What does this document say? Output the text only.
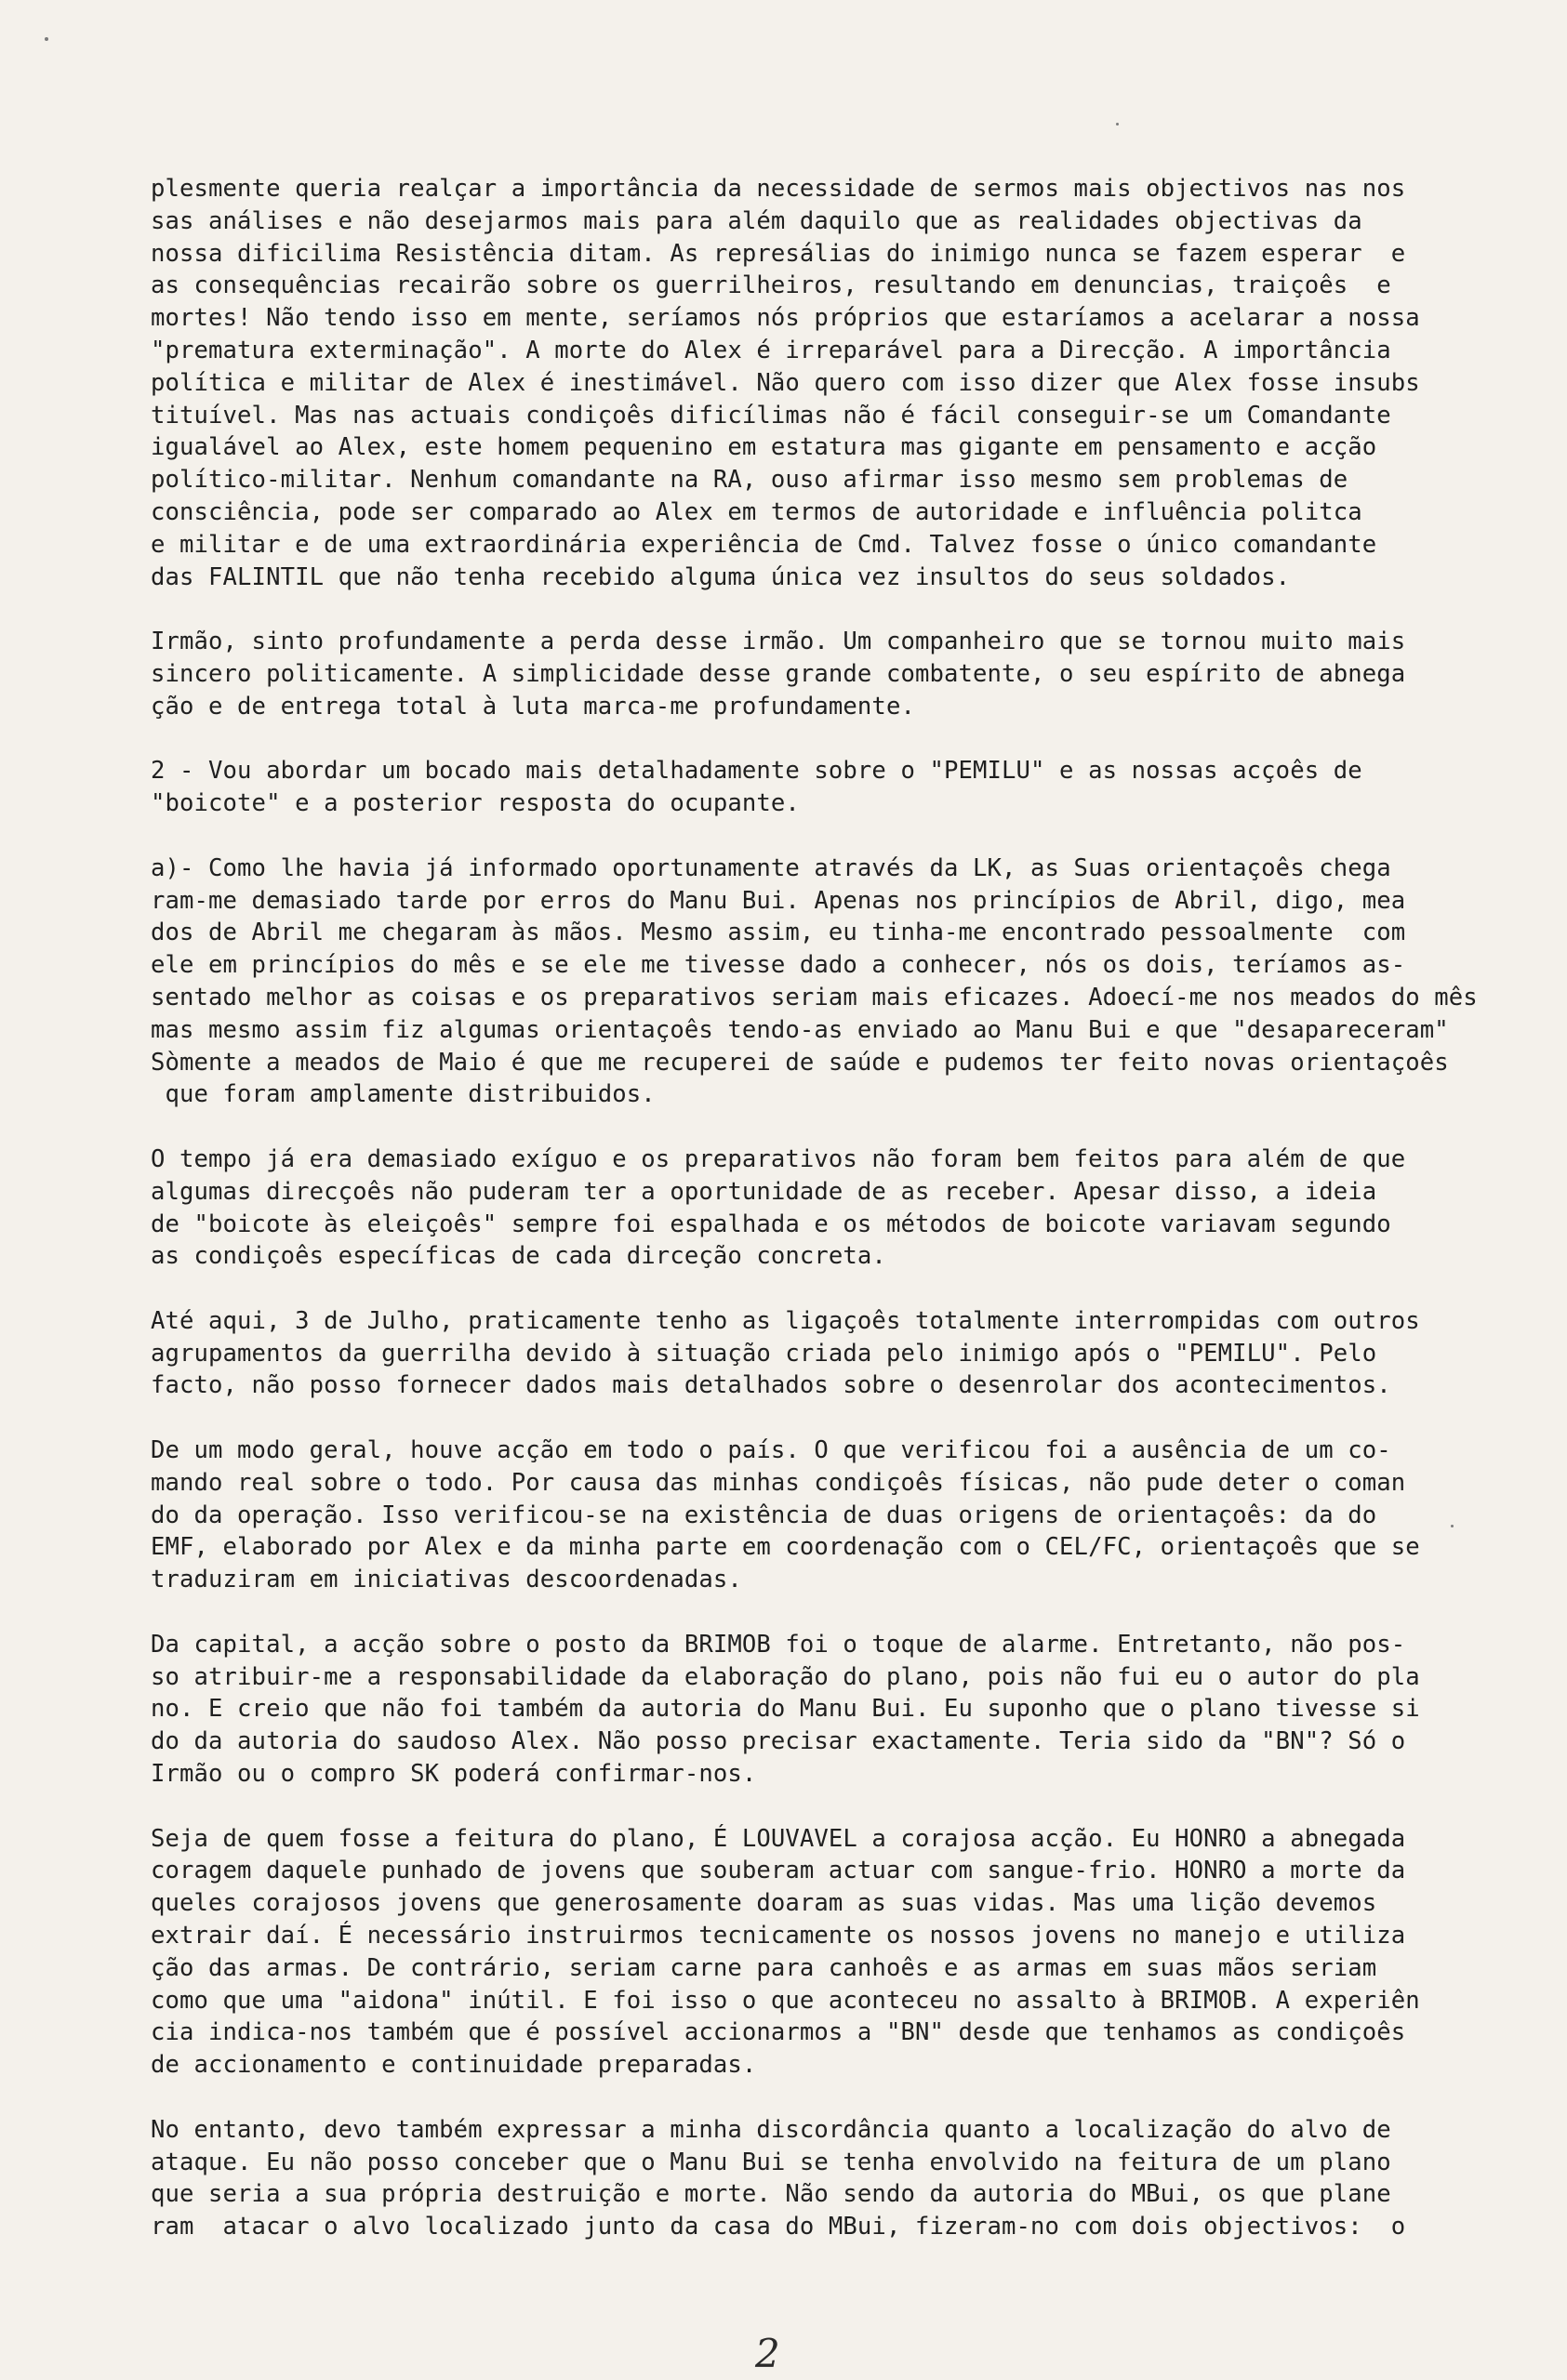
plesmente queria realçar a importância da necessidade de sermos mais objectivos nas nos
sas análises e não desejarmos mais para além daquilo que as realidades objectivas da
nossa dificilima Resistência ditam. As represálias do inimigo nunca se fazem esperar  e
as consequências recairão sobre os guerrilheiros, resultando em denuncias, traiçoês  e
mortes! Não tendo isso em mente, seríamos nós próprios que estaríamos a acelarar a nossa
"prematura exterminação". A morte do Alex é irreparável para a Direcção. A importância
política e militar de Alex é inestimável. Não quero com isso dizer que Alex fosse insubs
tituível. Mas nas actuais condiçoês dificílimas não é fácil conseguir-se um Comandante
igualável ao Alex, este homem pequenino em estatura mas gigante em pensamento e acção
político-militar. Nenhum comandante na RA, ouso afirmar isso mesmo sem problemas de
consciência, pode ser comparado ao Alex em termos de autoridade e influência politca
e militar e de uma extraordinária experiência de Cmd. Talvez fosse o único comandante
das FALINTIL que não tenha recebido alguma única vez insultos do seus soldados.
Irmão, sinto profundamente a perda desse irmão. Um companheiro que se tornou muito mais
sincero politicamente. A simplicidade desse grande combatente, o seu espírito de abnega
ção e de entrega total à luta marca-me profundamente.
2 - Vou abordar um bocado mais detalhadamente sobre o "PEMILU" e as nossas acçoês de
"boicote" e a posterior resposta do ocupante.
a)- Como lhe havia já informado oportunamente através da LK, as Suas orientaçoês chega
ram-me demasiado tarde por erros do Manu Bui. Apenas nos princípios de Abril, digo, mea
dos de Abril me chegaram às mãos. Mesmo assim, eu tinha-me encontrado pessoalmente  com
ele em princípios do mês e se ele me tivesse dado a conhecer, nós os dois, teríamos as-
sentado melhor as coisas e os preparativos seriam mais eficazes. Adoecí-me nos meados do mês
mas mesmo assim fiz algumas orientaçoês tendo-as enviado ao Manu Bui e que "desapareceram"
Sòmente a meados de Maio é que me recuperei de saúde e pudemos ter feito novas orientaçoês
que foram amplamente distribuidos.
O tempo já era demasiado exíguo e os preparativos não foram bem feitos para além de que
algumas direcçoês não puderam ter a oportunidade de as receber. Apesar disso, a ideia
de "boicote às eleiçoês" sempre foi espalhada e os métodos de boicote variavam segundo
as condiçoês específicas de cada dirceção concreta.
Até aqui, 3 de Julho, praticamente tenho as ligaçoês totalmente interrompidas com outros
agrupamentos da guerrilha devido à situação criada pelo inimigo após o "PEMILU". Pelo
facto, não posso fornecer dados mais detalhados sobre o desenrolar dos acontecimentos.
De um modo geral, houve acção em todo o país. O que verificou foi a ausência de um co-
mando real sobre o todo. Por causa das minhas condiçoês físicas, não pude deter o coman
do da operação. Isso verificou-se na existência de duas origens de orientaçoês: da do
EMF, elaborado por Alex e da minha parte em coordenação com o CEL/FC, orientaçoês que se
traduziram em iniciativas descoordenadas.
Da capital, a acção sobre o posto da BRIMOB foi o toque de alarme. Entretanto, não pos-
so atribuir-me a responsabilidade da elaboração do plano, pois não fui eu o autor do pla
no. E creio que não foi também da autoria do Manu Bui. Eu suponho que o plano tivesse si
do da autoria do saudoso Alex. Não posso precisar exactamente. Teria sido da "BN"? Só o
Irmão ou o compro SK poderá confirmar-nos.
Seja de quem fosse a feitura do plano, É LOUVAVEL a corajosa acção. Eu HONRO a abnegada
coragem daquele punhado de jovens que souberam actuar com sangue-frio. HONRO a morte da
queles corajosos jovens que generosamente doaram as suas vidas. Mas uma lição devemos
extrair daí. É necessário instruirmos tecnicamente os nossos jovens no manejo e utiliza
ção das armas. De contrário, seriam carne para canhoês e as armas em suas mãos seriam
como que uma "aidona" inútil. E foi isso o que aconteceu no assalto à BRIMOB. A experiên
cia indica-nos também que é possível accionarmos a "BN" desde que tenhamos as condiçoês
de accionamento e continuidade preparadas.
No entanto, devo também expressar a minha discordância quanto a localização do alvo de
ataque. Eu não posso conceber que o Manu Bui se tenha envolvido na feitura de um plano
que seria a sua própria destruição e morte. Não sendo da autoria do MBui, os que plane
ram  atacar o alvo localizado junto da casa do MBui, fizeram-no com dois objectivos:  o
2
